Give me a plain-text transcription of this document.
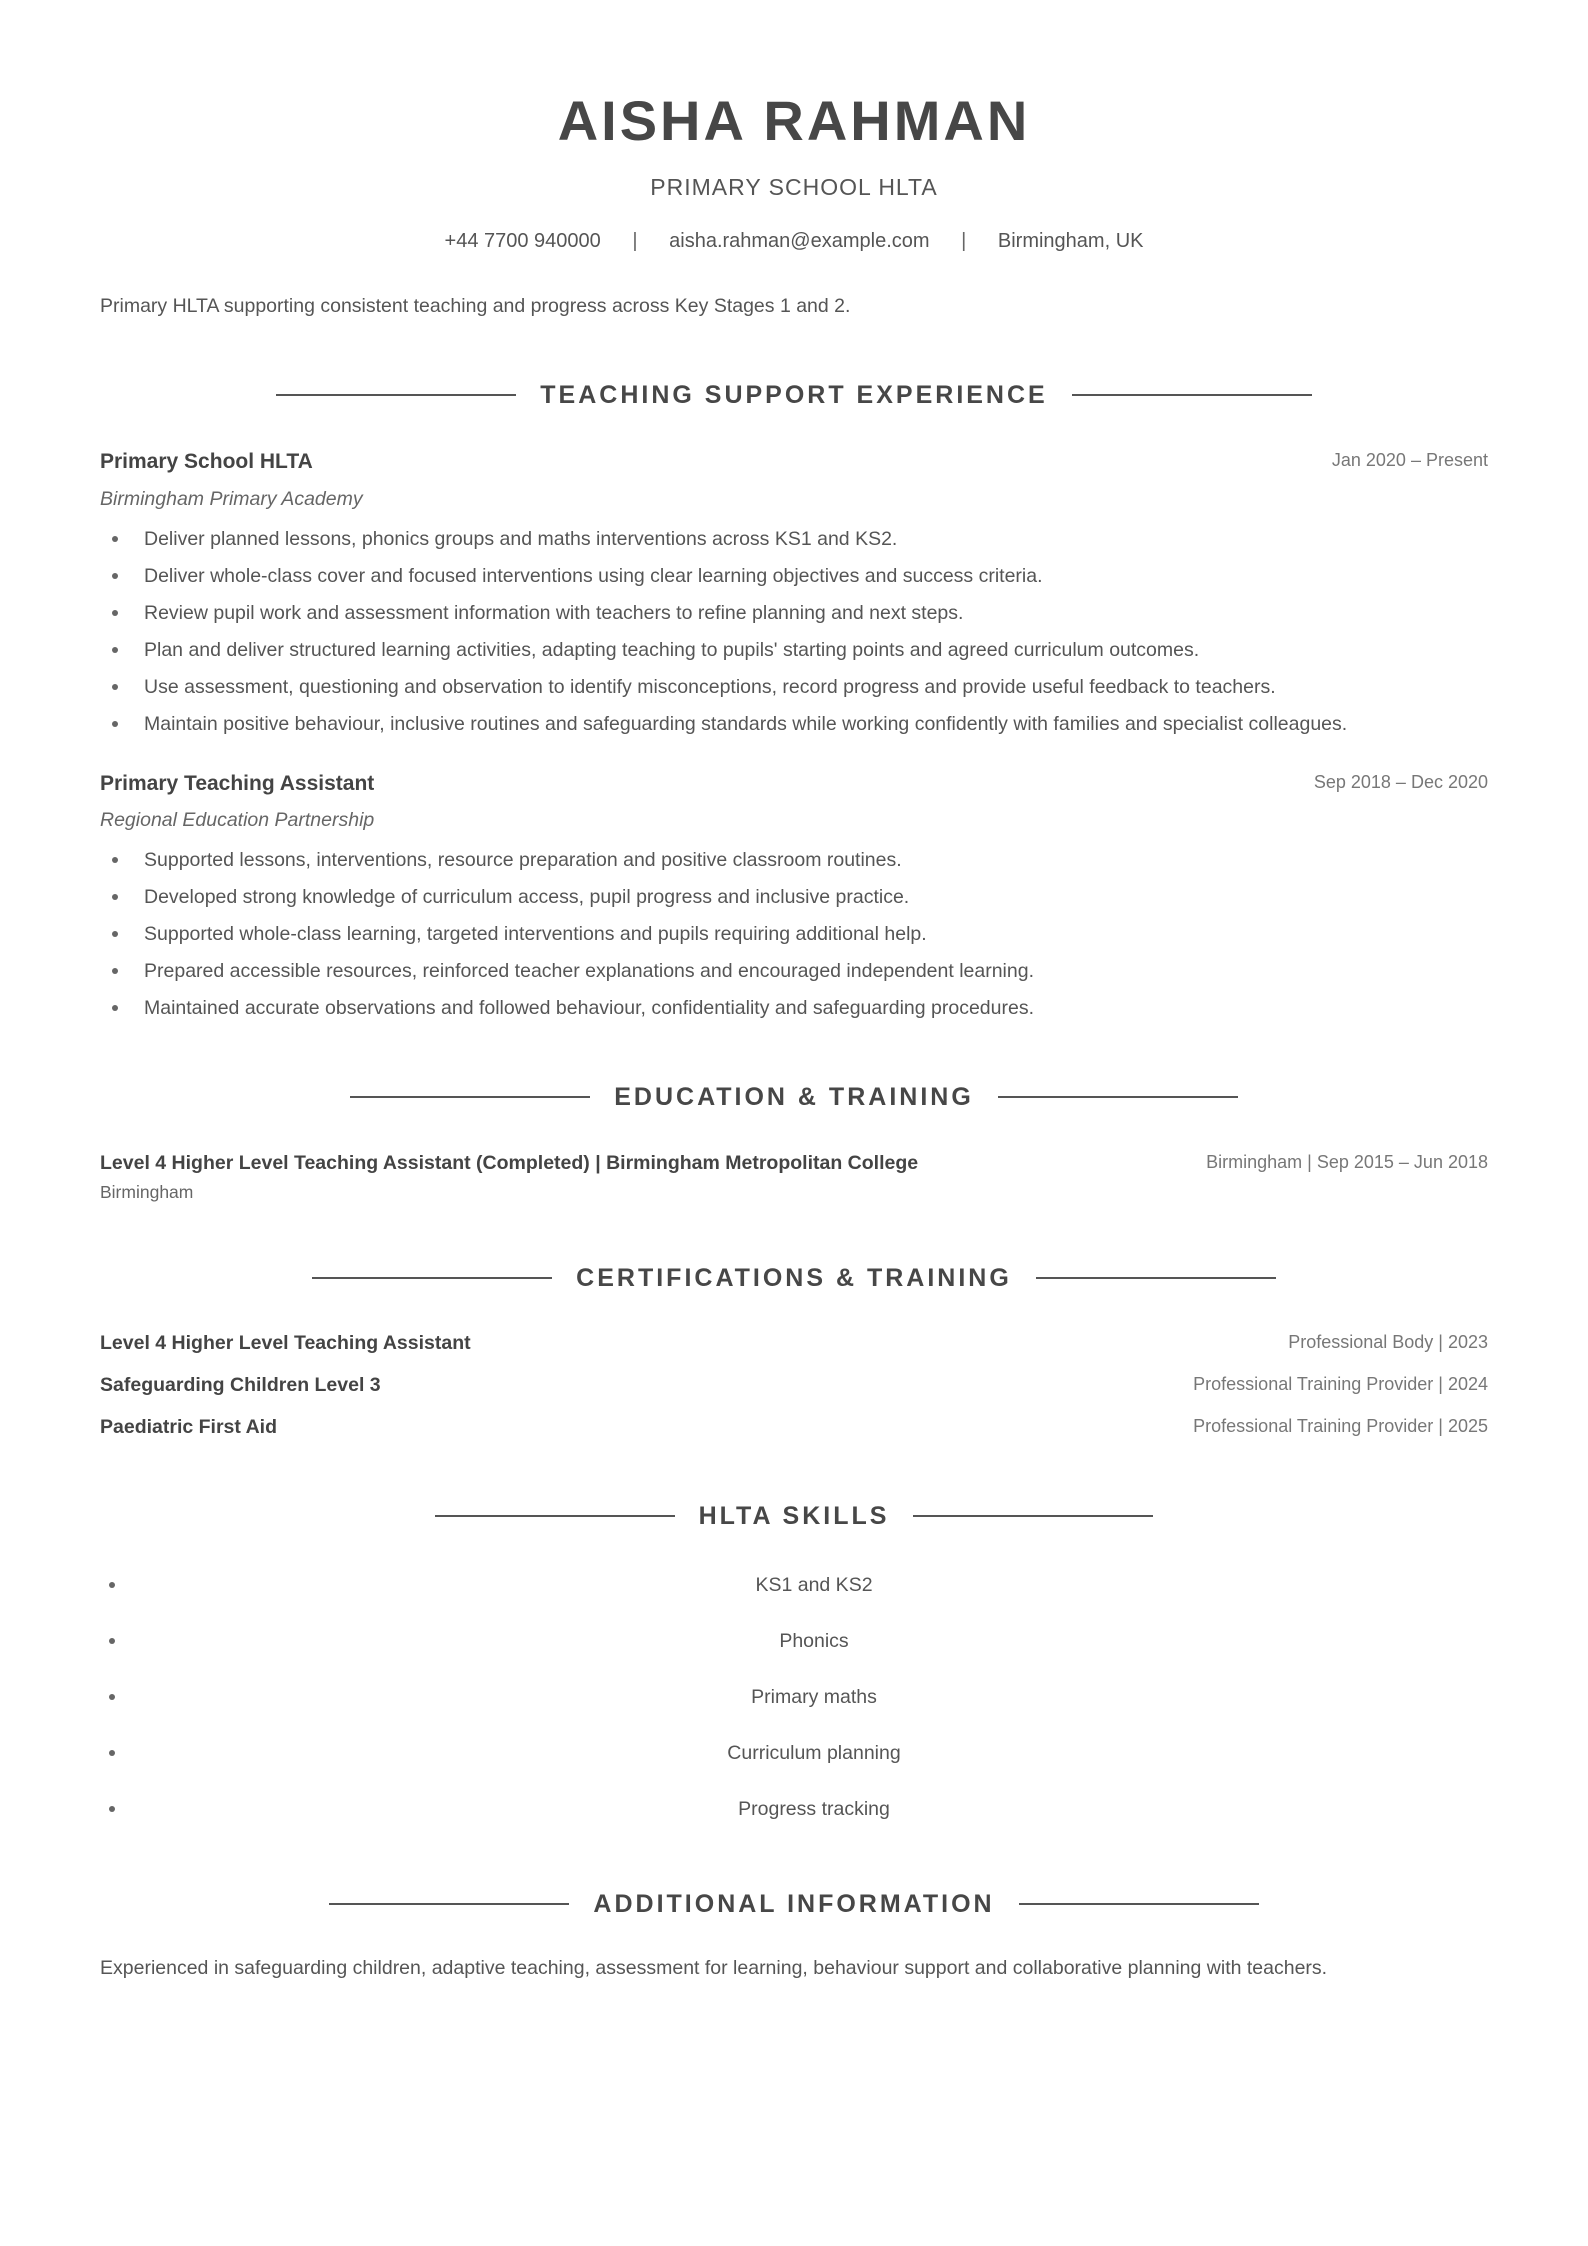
AISHA RAHMAN
PRIMARY SCHOOL HLTA
+44 7700 940000 | aisha.rahman@example.com | Birmingham, UK
Primary HLTA supporting consistent teaching and progress across Key Stages 1 and 2.
TEACHING SUPPORT EXPERIENCE
Primary School HLTA	Jan 2020 – Present
Birmingham Primary Academy
Deliver planned lessons, phonics groups and maths interventions across KS1 and KS2.
Deliver whole-class cover and focused interventions using clear learning objectives and success criteria.
Review pupil work and assessment information with teachers to refine planning and next steps.
Plan and deliver structured learning activities, adapting teaching to pupils' starting points and agreed curriculum outcomes.
Use assessment, questioning and observation to identify misconceptions, record progress and provide useful feedback to teachers.
Maintain positive behaviour, inclusive routines and safeguarding standards while working confidently with families and specialist colleagues.
Primary Teaching Assistant	Sep 2018 – Dec 2020
Regional Education Partnership
Supported lessons, interventions, resource preparation and positive classroom routines.
Developed strong knowledge of curriculum access, pupil progress and inclusive practice.
Supported whole-class learning, targeted interventions and pupils requiring additional help.
Prepared accessible resources, reinforced teacher explanations and encouraged independent learning.
Maintained accurate observations and followed behaviour, confidentiality and safeguarding procedures.
EDUCATION & TRAINING
Level 4 Higher Level Teaching Assistant (Completed) | Birmingham Metropolitan College	Birmingham | Sep 2015 – Jun 2018
Birmingham
CERTIFICATIONS & TRAINING
Level 4 Higher Level Teaching Assistant	Professional Body | 2023
Safeguarding Children Level 3	Professional Training Provider | 2024
Paediatric First Aid	Professional Training Provider | 2025
HLTA SKILLS
KS1 and KS2
Phonics
Primary maths
Curriculum planning
Progress tracking
ADDITIONAL INFORMATION
Experienced in safeguarding children, adaptive teaching, assessment for learning, behaviour support and collaborative planning with teachers.
